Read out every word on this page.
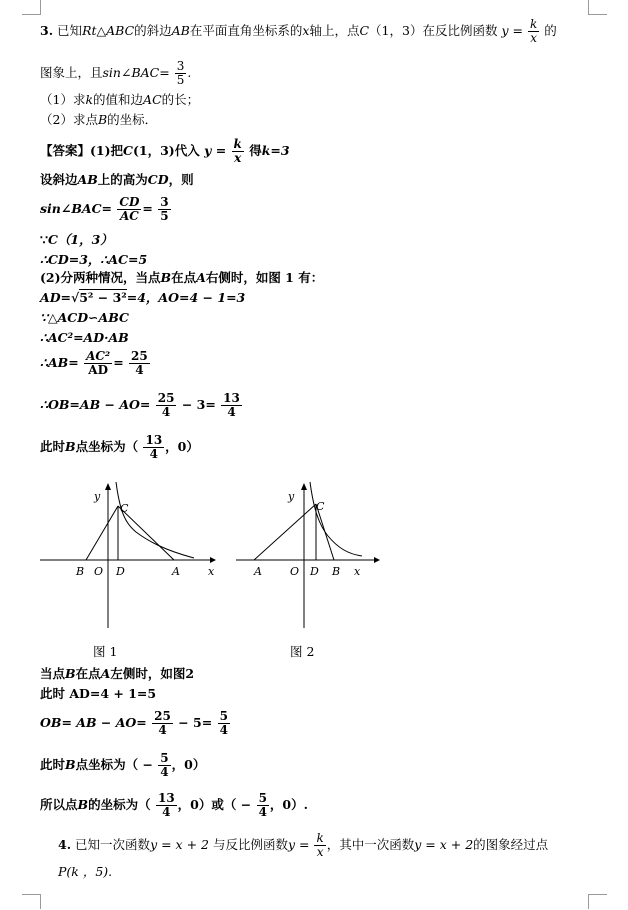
3. 已知Rt△ABC的斜边AB在平面直角坐标系的x轴上，点C（1，3）在反比例函数 $y = \frac{k}{x}$ 的
图象上，且sin∠BAC= $\frac{3}{5}$ .
（1）求k的值和边AC的长；
（2）求点B的坐标．
【答案】(1)把C(1，3)代入 $y = \frac{k}{x}$ 得k=3
设斜边AB上的高为CD，则
sin∠BAC= $\frac{CD}{AC} = \frac{3}{5}$
∵C（1，3）
∴CD=3，∴AC=5
(2)分两种情况，当点B在点A右侧时，如图 1 有：
AD=√5² − 3²=4，AO=4 − 1=3
∵△ACD∽ABC
∴AC²=AD·AB
∴AB= $\frac{\text{AC²}}{AD} = \frac{25}{4}$
∴OB=AB − $AO= \frac{25}{4} - 3= \frac{13}{4}$
此时B点坐标为（ $\frac{13}{4}$ ，0）
y
C
B O D	A	x
图 1
y
C
A	O D B x
图 2
当点B在点A左侧时，如图2
此时 AD=4 + 1=5
OB= AB − $AO= \frac{25}{4} - 5= \frac{5}{4}$
此时B点坐标为（ − $\frac{5}{4}$ ，0）
所以点B的坐标为（ $\frac{13}{4}$ ，0）或（ − $\frac{5}{4}$ ，0）.
4. 已知一次函数y = x + 2 与反比例函数$y = \frac{k}{x}$ ，其中一次函数y = x + 2的图象经过点
P(k ，5).
